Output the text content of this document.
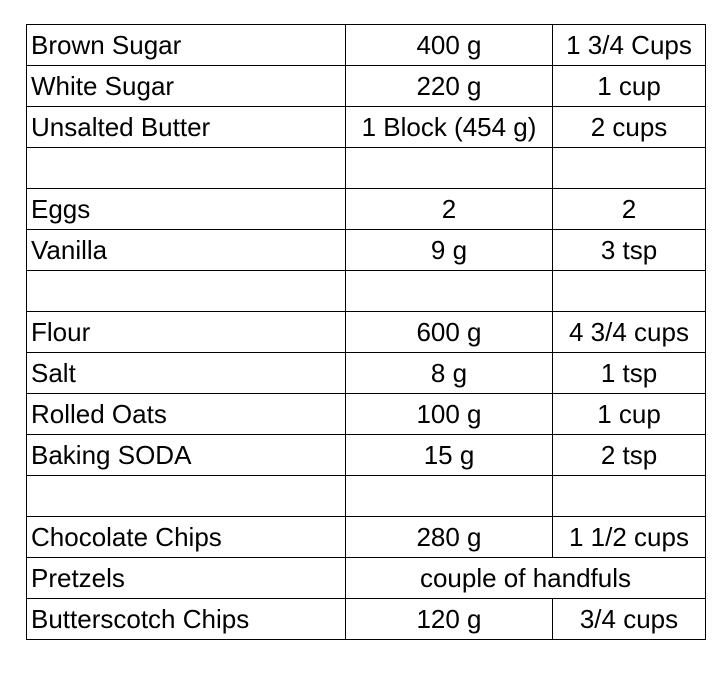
Brown Sugar	400 g	1 3/4 Cups
White Sugar	220 g	1 cup
Unsalted Butter	1 Block (454 g)	2 cups

Eggs	2	2
Vanilla	9 g	3 tsp

Flour	600 g	4 3/4 cups
Salt	8 g	1 tsp
Rolled Oats	100 g	1 cup
Baking SODA	15 g	2 tsp

Chocolate Chips	280 g	1 1/2 cups
Pretzels	couple of handfuls	
Butterscotch Chips	120 g	3/4 cups
